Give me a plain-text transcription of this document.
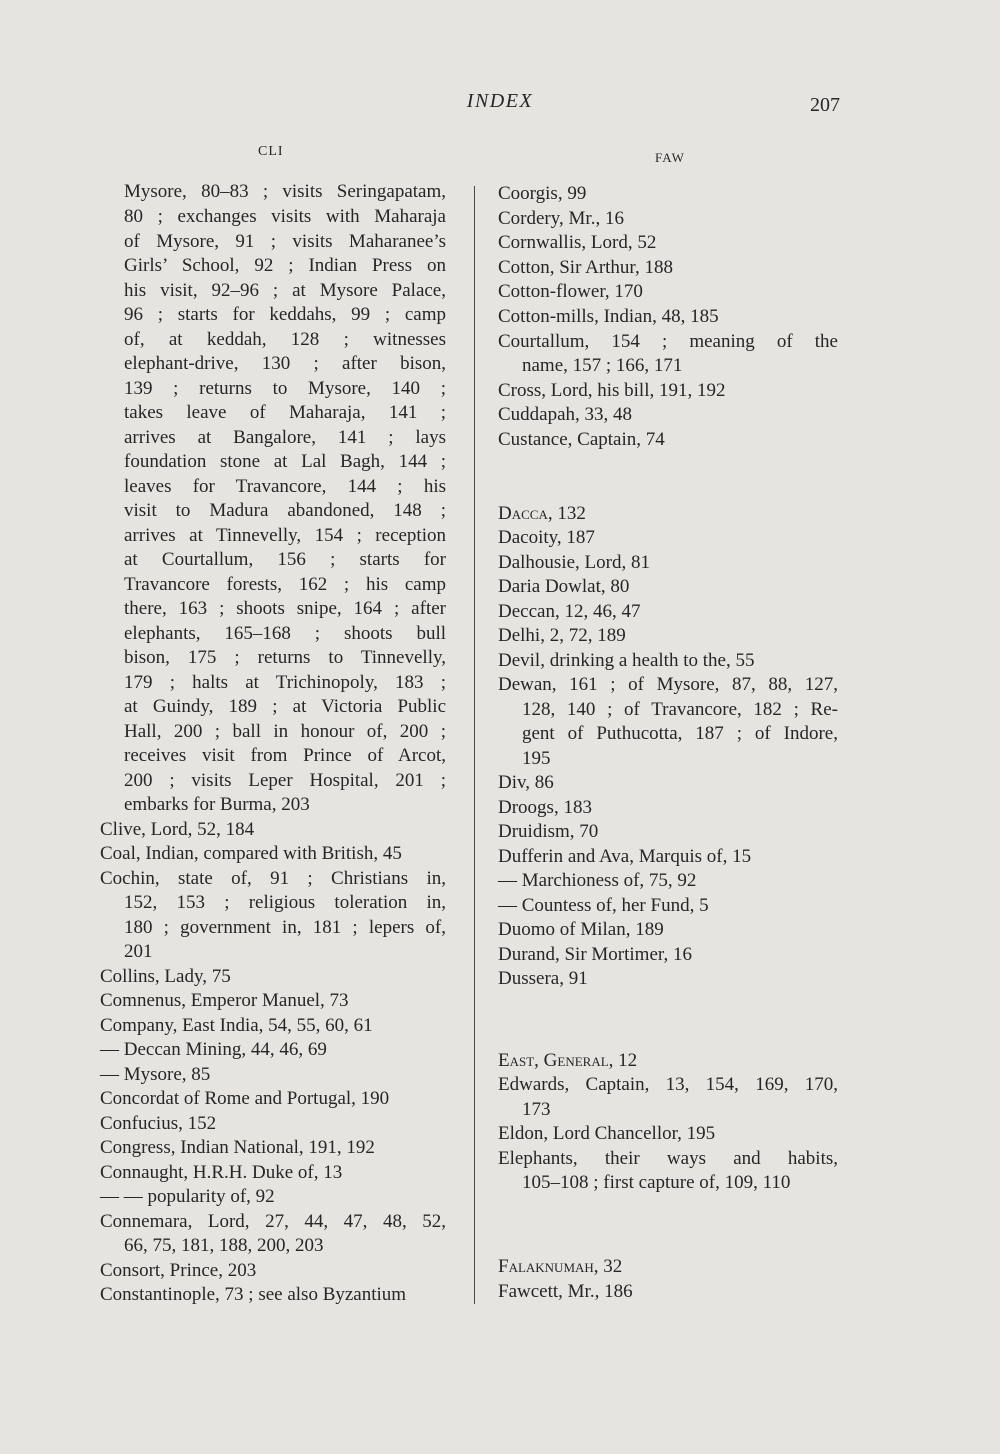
INDEX	207
CLI	FAW
Mysore, 80–83 ; visits Seringapatam,
80 ; exchanges visits with Maharaja
of Mysore, 91 ; visits Maharanee’s
Girls’ School, 92 ; Indian Press on
his visit, 92–96 ; at Mysore Palace,
96 ; starts for keddahs, 99 ; camp
of, at keddah, 128 ; witnesses
elephant-drive, 130 ; after bison,
139 ; returns to Mysore, 140 ;
takes leave of Maharaja, 141 ;
arrives at Bangalore, 141 ; lays
foundation stone at Lal Bagh, 144 ;
leaves for Travancore, 144 ; his
visit to Madura abandoned, 148 ;
arrives at Tinnevelly, 154 ; reception
at Courtallum, 156 ; starts for
Travancore forests, 162 ; his camp
there, 163 ; shoots snipe, 164 ; after
elephants, 165–168 ; shoots bull
bison, 175 ; returns to Tinnevelly,
179 ; halts at Trichinopoly, 183 ;
at Guindy, 189 ; at Victoria Public
Hall, 200 ; ball in honour of, 200 ;
receives visit from Prince of Arcot,
200 ; visits Leper Hospital, 201 ;
embarks for Burma, 203
Clive, Lord, 52, 184
Coal, Indian, compared with British, 45
Cochin, state of, 91 ; Christians in,
152, 153 ; religious toleration in,
180 ; government in, 181 ; lepers of,
201
Collins, Lady, 75
Comnenus, Emperor Manuel, 73
Company, East India, 54, 55, 60, 61
— Deccan Mining, 44, 46, 69
— Mysore, 85
Concordat of Rome and Portugal, 190
Confucius, 152
Congress, Indian National, 191, 192
Connaught, H.R.H. Duke of, 13
— — popularity of, 92
Connemara, Lord, 27, 44, 47, 48, 52,
66, 75, 181, 188, 200, 203
Consort, Prince, 203
Constantinople, 73 ; see also Byzantium
Coorgis, 99
Cordery, Mr., 16
Cornwallis, Lord, 52
Cotton, Sir Arthur, 188
Cotton-flower, 170
Cotton-mills, Indian, 48, 185
Courtallum, 154 ; meaning of the
name, 157 ; 166, 171
Cross, Lord, his bill, 191, 192
Cuddapah, 33, 48
Custance, Captain, 74
Dacca, 132
Dacoity, 187
Dalhousie, Lord, 81
Daria Dowlat, 80
Deccan, 12, 46, 47
Delhi, 2, 72, 189
Devil, drinking a health to the, 55
Dewan, 161 ; of Mysore, 87, 88, 127,
128, 140 ; of Travancore, 182 ; Re-
gent of Puthucotta, 187 ; of Indore,
195
Div, 86
Droogs, 183
Druidism, 70
Dufferin and Ava, Marquis of, 15
— Marchioness of, 75, 92
— Countess of, her Fund, 5
Duomo of Milan, 189
Durand, Sir Mortimer, 16
Dussera, 91
East, General, 12
Edwards, Captain, 13, 154, 169, 170,
173
Eldon, Lord Chancellor, 195
Elephants, their ways and habits,
105–108 ; first capture of, 109, 110
Falaknumah, 32
Fawcett, Mr., 186
